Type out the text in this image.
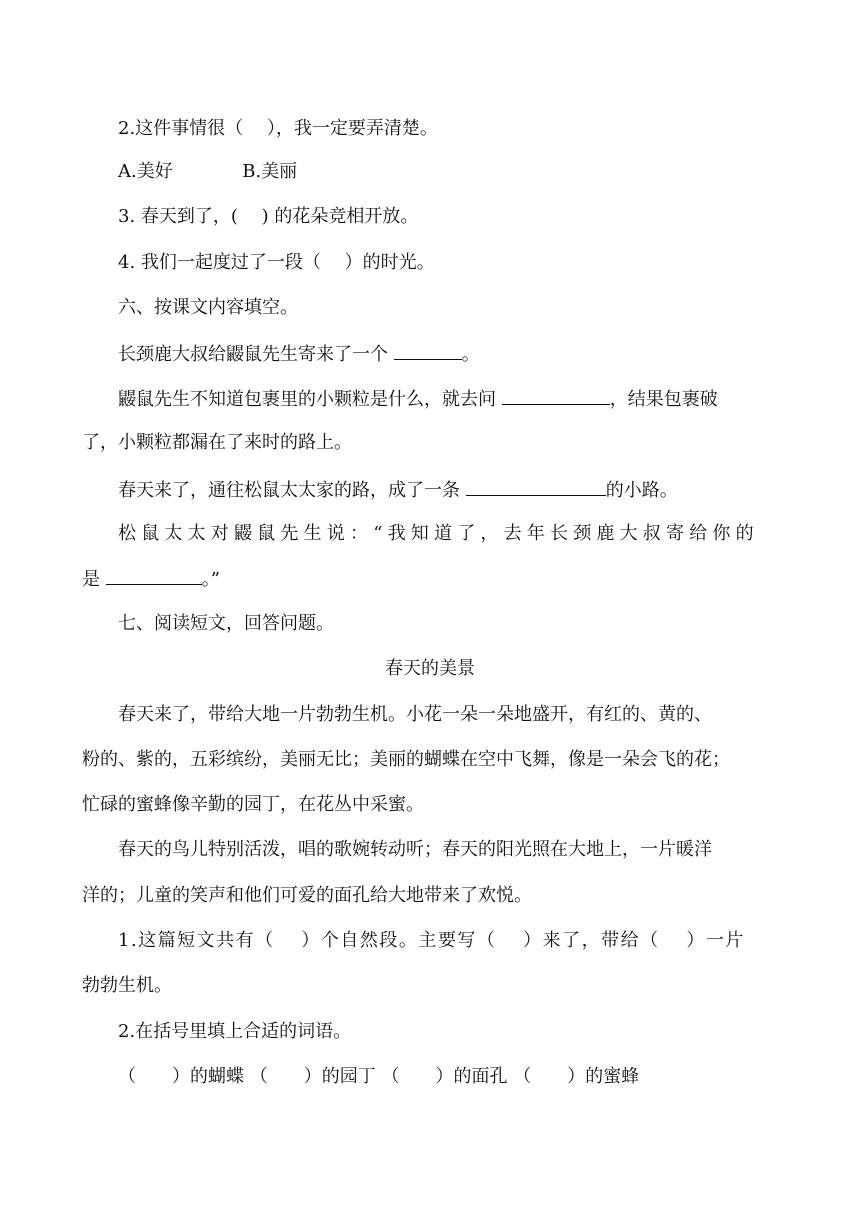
2.这件事情很（　 ），我一定要弄清楚。
A.美好	B.美丽
3. 春天到了，(　 ) 的花朵竞相开放。
4. 我们一起度过了一段（　 ）的时光。
六、按课文内容填空。
长颈鹿大叔给鼹鼠先生寄来了一个	。
鼹鼠先生不知道包裹里的小颗粒是什么，就去问	，结果包裹破
了，小颗粒都漏在了来时的路上。
春天来了，通往松鼠太太家的路，成了一条	的小路。
松鼠太太对鼹鼠先生说：“我知道了，去年长颈鹿大叔寄给你的
是	。”
七、阅读短文，回答问题。
春天的美景
春天来了，带给大地一片勃勃生机。小花一朵一朵地盛开，有红的、黄的、
粉的、紫的，五彩缤纷，美丽无比；美丽的蝴蝶在空中飞舞，像是一朵会飞的花；
忙碌的蜜蜂像辛勤的园丁，在花丛中采蜜。
春天的鸟儿特别活泼，唱的歌婉转动听；春天的阳光照在大地上，一片暖洋
洋的；儿童的笑声和他们可爱的面孔给大地带来了欢悦。
1.这篇短文共有（　 ）个自然段。主要写（　 ）来了，带给（　 ）一片
勃勃生机。
2.在括号里填上合适的词语。
（　　）的蝴蝶 （　　）的园丁 （　　）的面孔 （　　）的蜜蜂
